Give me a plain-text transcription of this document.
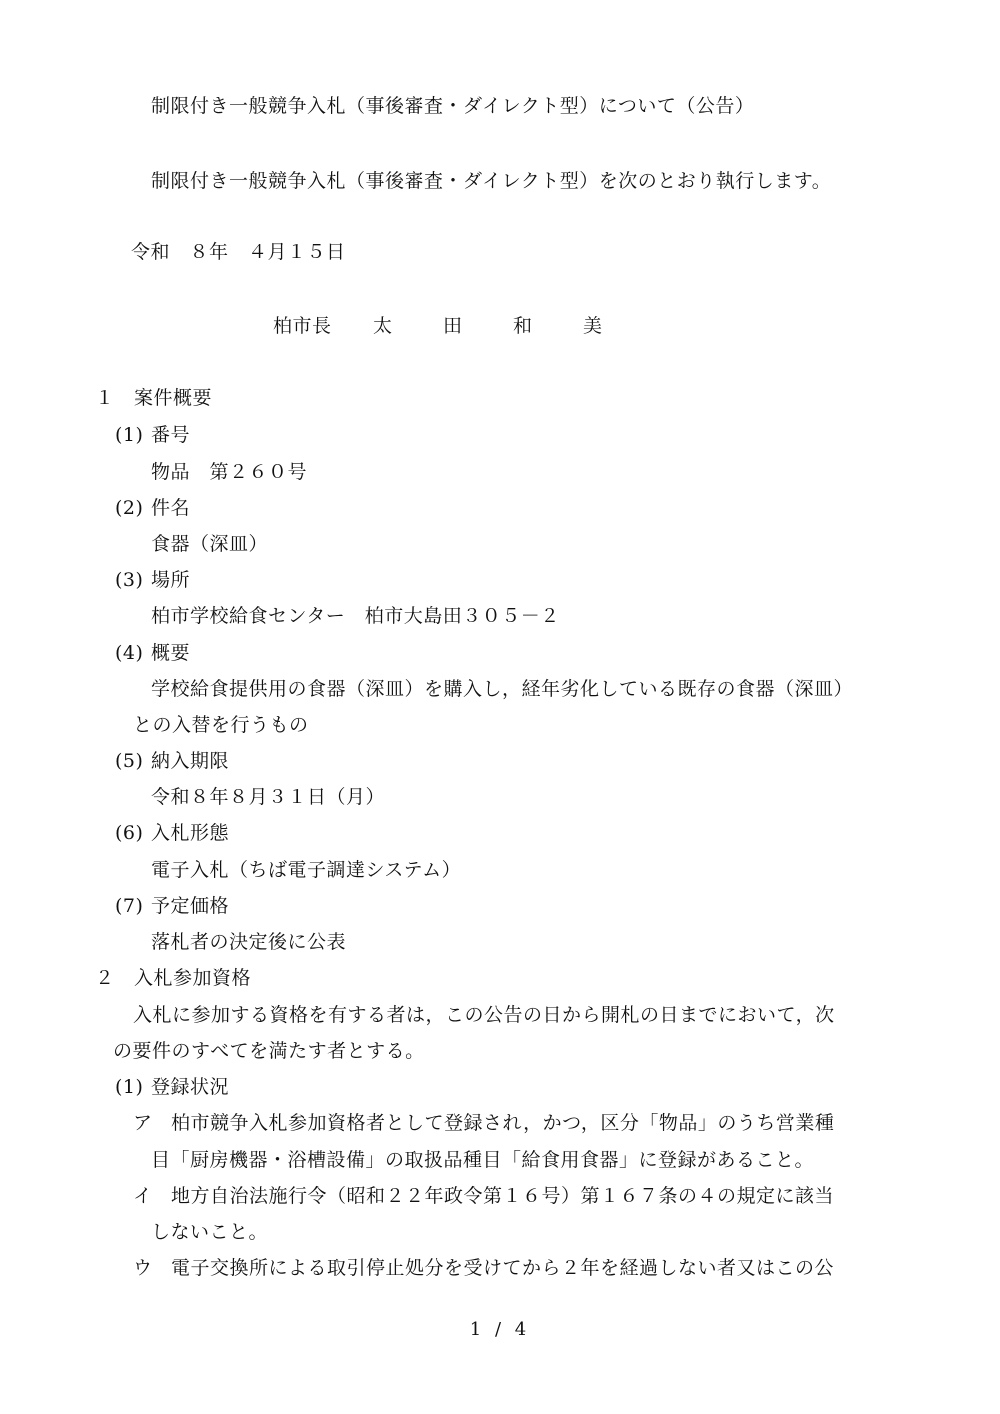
制限付き一般競争入札（事後審査・ダイレクト型）について（公告）
制限付き一般競争入札（事後審査・ダイレクト型）を次のとおり執行します。
令和　８年　４月１５日
柏市長 太　田　和　美
１　案件概要
(1) 番号
物品　第２６０号
(2) 件名
食器（深皿）
(3) 場所
柏市学校給食センター　柏市大島田３０５－２
(4) 概要
学校給食提供用の食器（深皿）を購入し，経年劣化している既存の食器（深皿）
との入替を行うもの
(5) 納入期限
令和８年８月３１日（月）
(6) 入札形態
電子入札（ちば電子調達システム）
(7) 予定価格
落札者の決定後に公表
２　入札参加資格
入札に参加する資格を有する者は，この公告の日から開札の日までにおいて，次
の要件のすべてを満たす者とする。
(1) 登録状況
ア 柏市競争入札参加資格者として登録され，かつ，区分「物品」のうち営業種
目「厨房機器・浴槽設備」の取扱品種目「給食用食器」に登録があること。
イ 地方自治法施行令（昭和２２年政令第１６号）第１６７条の４の規定に該当
しないこと。
ウ 電子交換所による取引停止処分を受けてから２年を経過しない者又はこの公
1 / 4
